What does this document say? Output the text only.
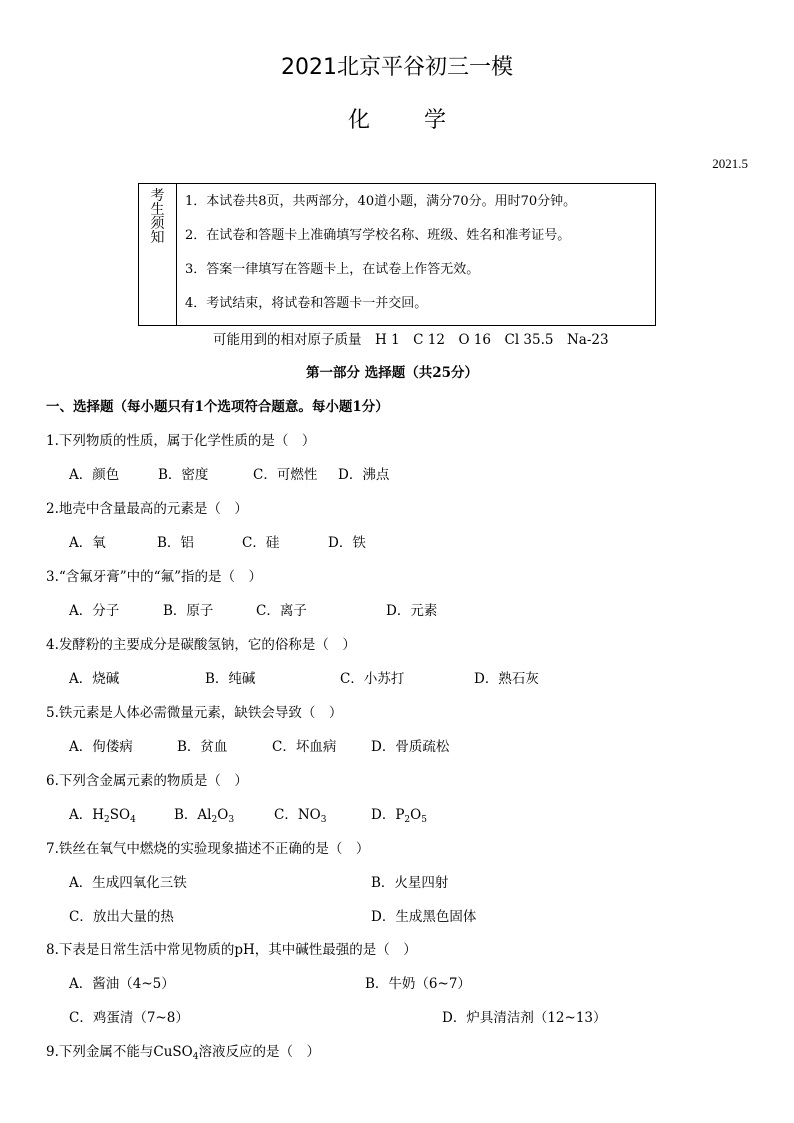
2021北京平谷初三一模
化 学
2021.5
考生须知
1．本试卷共8页，共两部分，40道小题，满分70分。用时70分钟。
2．在试卷和答题卡上准确填写学校名称、班级、姓名和准考证号。
3．答案一律填写在答题卡上，在试卷上作答无效。
4．考试结束，将试卷和答题卡一并交回。
可能用到的相对原子质量　H 1　C 12　O 16　Cl 35.5　Na-23
第一部分 选择题（共25分）
一、选择题（每小题只有1个选项符合题意。每小题1分）
1.下列物质的性质，属于化学性质的是（　）
A．颜色	B．密度	C．可燃性 D．沸点
2.地壳中含量最高的元素是（　）
A．氧	B．铝	C．硅	D．铁
3.“含氟牙膏”中的“氟”指的是（　）
A．分子	B．原子	C．离子	D．元素
4.发酵粉的主要成分是碳酸氢钠，它的俗称是（　）
A．烧碱	B．纯碱	C．小苏打	D．熟石灰
5.铁元素是人体必需微量元素，缺铁会导致（　）
A．佝偻病	B．贫血	C．坏血病	D．骨质疏松
6.下列含金属元素的物质是（　）
A．$H_2SO_4$	B．$Al_2O_3$	C．$NO_3$	D．$P_2O_5$
7.铁丝在氧气中燃烧的实验现象描述不正确的是（　）
A．生成四氧化三铁	B．火星四射
C．放出大量的热	D．生成黑色固体
8.下表是日常生活中常见物质的pH，其中碱性最强的是（　）
A．酱油（4~5）	B．牛奶（6~7）
C．鸡蛋清（7~8）	D．炉具清洁剂（12~13）
9.下列金属不能与CuSO$_4$溶液反应的是（　）
